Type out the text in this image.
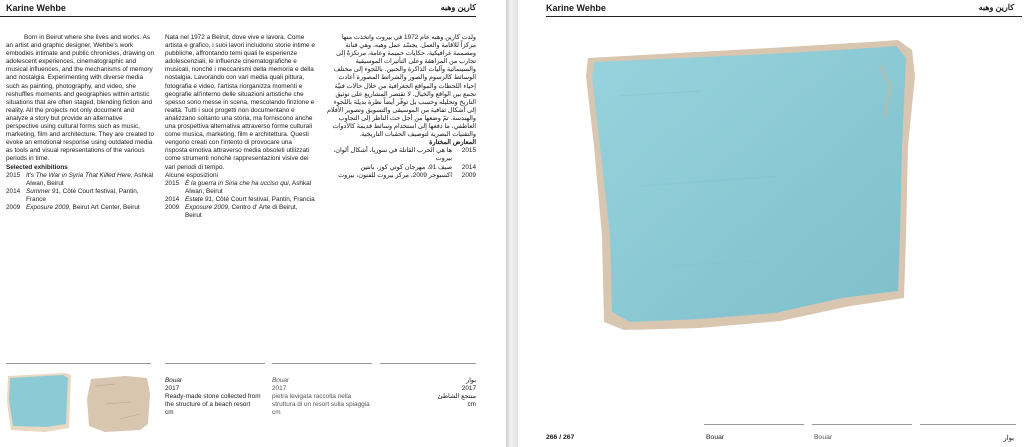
Karine Wehbe	كارين وهبه

Born in Beirut where she lives and works. As an artist and graphic designer, Wehbe's work embodies intimate and public chronicles, drawing on adolescent experiences, cinematographic and musical influences, and the mechanisms of memory and nostalgia. Experimenting with diverse media such as painting, photography, and video, she reshuffles moments and geographies within artistic situations that are often staged, blending fiction and reality. All the projects not only document and analyze a story but provide an alternative perspective using cultural forms such as music, marketing, film and architecture. They are created to evoke an emotional response using outdated media as tools and visual representations of the various periods in time.

Selected exhibitions

2015 It's The War in Syria That Killed Here, Ashkal Alwan, Beirut
2014 Summer 91, Côté Court festival, Pantin, France
2009 Exposure 2009, Beirut Art Center, Beirut

Nata nel 1972 a Beirut, dove vive e lavora. Come artista e grafico, i suoi lavori includono storie intime e pubbliche, affrontando temi quali le esperienze adolescenziali, le influenze cinematografiche e musicali, nonché i meccanismi della memoria e della nostalgia. Lavorando con vari media quali pittura, fotografia e video, l'artista riorganizza momenti e geografie all'interno delle situazioni artistiche che spesso sono messe in scena, mescolando finzione e realtà. Tutti i suoi progetti non documentano e analizzano soltanto una storia, ma forniscono anche una prospettiva alternativa attraverso forme culturali come musica, marketing, film e architettura. Questi vengono creati con l'intento di provocare una risposta emotiva attraverso media obsoleti utilizzati come strumenti nonché rappresentazioni visive dei vari periodi di tempo.

Alcune esposizioni

2015 È la guerra in Siria che ha ucciso qui, Ashkal Alwan, Beirut
2014 Estate 91, Côté Court festival, Pantin, Francia
2009 Exposure 2009, Centro d' Arte di Beirut, Beirut

ولدت كارين وهبه عام 1972 في بيروت واتخذت منها مركزاً للاقامة والعمل. يجسّد عمل وهبه، وهي فنانة ومصممة غرافيكية، حكايات حميمة وعامة، مرتكزةً إلى تجارب من المراهقة وعلى التأثيرات الموسيقية والسينمائية وآليات الذاكرة والحنين. باللجوء إلى مختلف الوسائط كالرسوم والصور والشرائط المصورة أعادت إحياء اللحظات والمواقع الجغرافية من خلال حالات فنيّة تجمع بين الواقع والخيال. لا تقتصر المشاريع على توثيق التاريخ وتحليله وحسب بل توفّر أيضاً نظرة بديلة باللجوء إلى أشكال ثقافية من الموسيقى والتسويق وتصوير الأفلام والهندسة. تمّ وضعها من أجل حث الناظر إلى التجاوب العاطفي، ما دفعها إلى استخدام وسائط قديمة كالأدوات والتقنيات البصرية لتوصيف الحقبات التاريخية.

المعارض المختارة

2015
ها هي الحرب القاتلة في سوريا، أشكال ألوان، بيروت
2014
صيف 91، مهرجان كوتي كور، بانتين
2009
اكسبوجر 2009، مركز بيروت للفنون، بيروت
Bouar
2017
Ready-made stone collected from the structure of a beach resort
cm
Bouar
2017
pietra levigata raccolta nella struttura di un resort sulla spiaggia
cm
بوار
2017
منتجع الشاطئ
cm
Karine Wehbe	كارين وهبه
266 / 267	Bouar	Bouar	بوار
